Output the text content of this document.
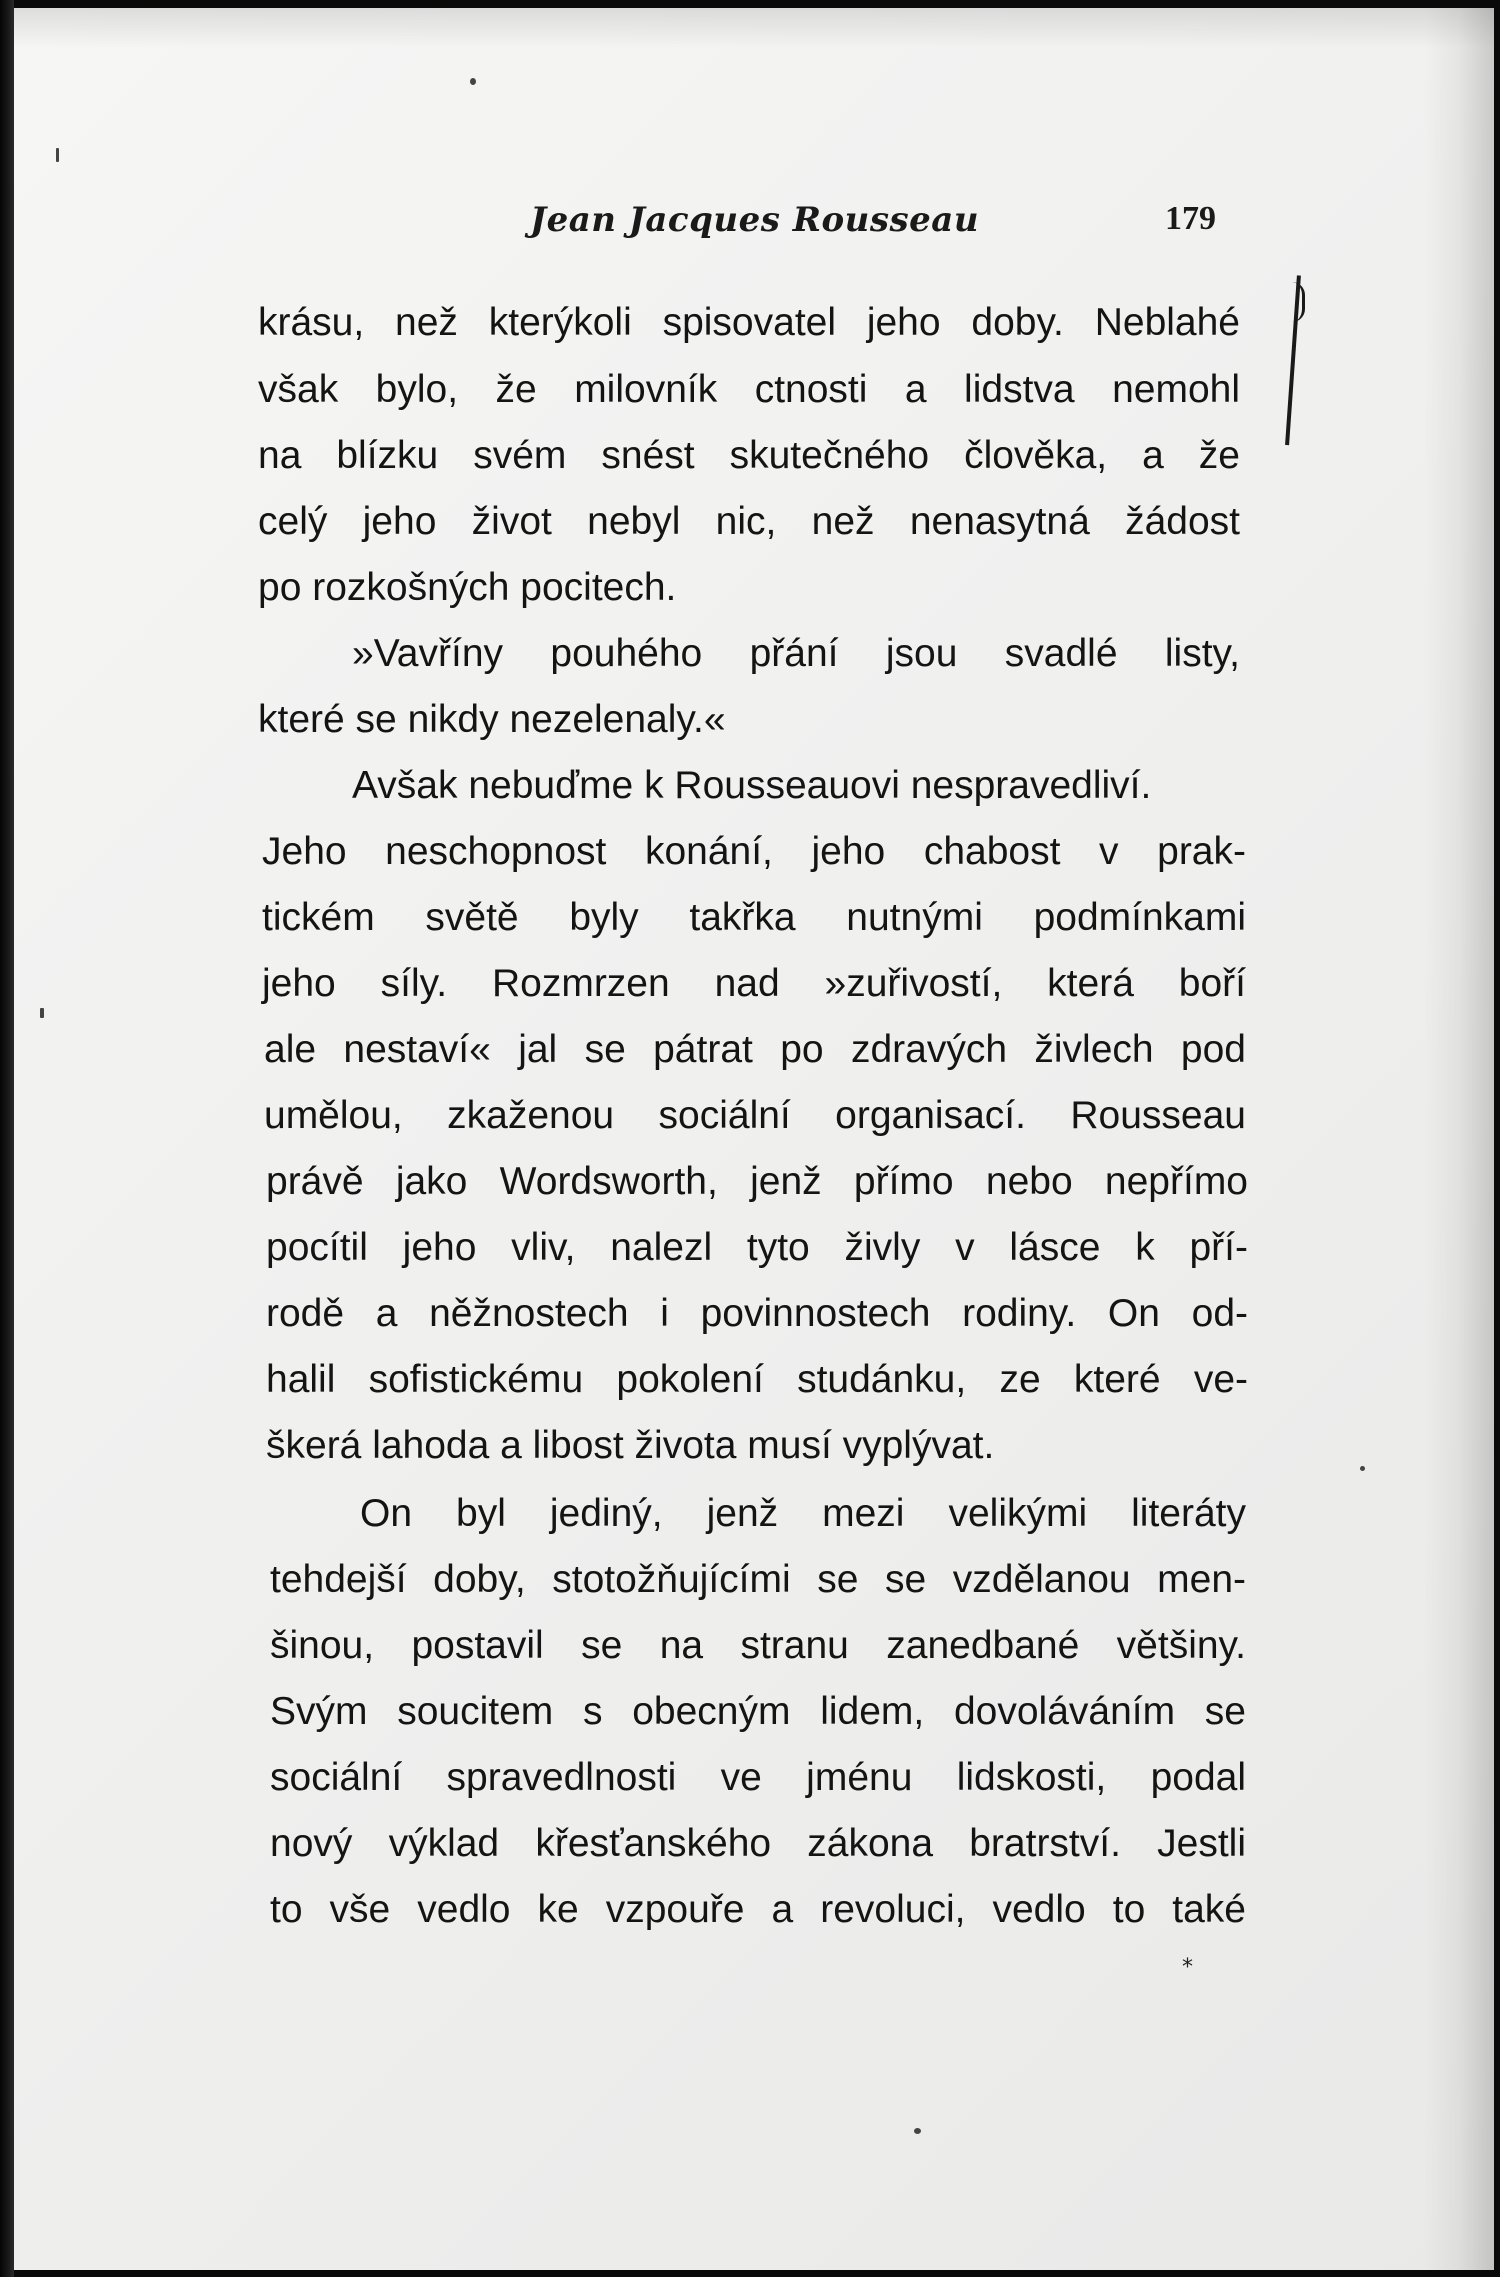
Jean Jacques Rousseau	179
krásu, než kterýkoli spisovatel jeho doby. Neblahé
však bylo, že milovník ctnosti a lidstva nemohl
na blízku svém snést skutečného člověka, a že
celý jeho život nebyl nic, než nenasytná žádost
po rozkošných pocitech.
»Vavříny pouhého přání jsou svadlé listy,
které se nikdy nezelenaly.«
Avšak nebuďme k Rousseauovi nespravedliví.
Jeho neschopnost konání, jeho chabost v prak-
tickém světě byly takřka nutnými podmínkami
jeho síly. Rozmrzen nad »zuřivostí, která boří
ale nestaví« jal se pátrat po zdravých živlech pod
umělou, zkaženou sociální organisací. Rousseau
právě jako Wordsworth, jenž přímo nebo nepřímo
pocítil jeho vliv, nalezl tyto živly v lásce k pří-
rodě a něžnostech i povinnostech rodiny. On od-
halil sofistickému pokolení studánku, ze které ve-
škerá lahoda a libost života musí vyplývat.
On byl jediný, jenž mezi velikými literáty
tehdejší doby, stotožňujícími se se vzdělanou men-
šinou, postavil se na stranu zanedbané většiny.
Svým soucitem s obecným lidem, dovoláváním se
sociální spravedlnosti ve jménu lidskosti, podal
nový výklad křesťanského zákona bratrství. Jestli
to vše vedlo ke vzpouře a revoluci, vedlo to také
*
